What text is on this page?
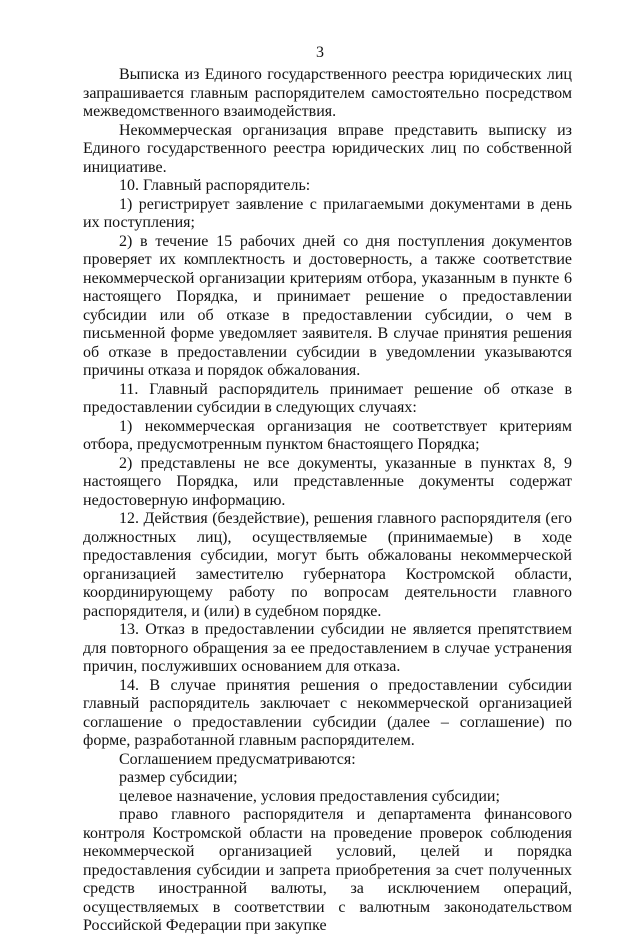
3

Выписка из Единого государственного реестра юридических лиц запрашивается главным распорядителем самостоятельно посредством межведомственного взаимодействия.

Некоммерческая организация вправе представить выписку из Единого государственного реестра юридических лиц по собственной инициативе.

10. Главный распорядитель:

1) регистрирует заявление с прилагаемыми документами в день их поступления;

2) в течение 15 рабочих дней со дня поступления документов проверяет их комплектность и достоверность, а также соответствие некоммерческой организации критериям отбора, указанным в пункте 6 настоящего Порядка, и принимает решение о предоставлении субсидии или об отказе в предоставлении субсидии, о чем в письменной форме уведомляет заявителя. В случае принятия решения об отказе в предоставлении субсидии в уведомлении указываются причины отказа и порядок обжалования.

11. Главный распорядитель принимает решение об отказе в предоставлении субсидии в следующих случаях:

1) некоммерческая организация не соответствует критериям отбора, предусмотренным пунктом 6настоящего Порядка;

2) представлены не все документы, указанные в пунктах 8, 9 настоящего Порядка, или представленные документы содержат недостоверную информацию.

12. Действия (бездействие), решения главного распорядителя (его должностных лиц), осуществляемые (принимаемые) в ходе предоставления субсидии, могут быть обжалованы некоммерческой организацией заместителю губернатора Костромской области, координирующему работу по вопросам деятельности главного распорядителя, и (или) в судебном порядке.

13. Отказ в предоставлении субсидии не является препятствием для повторного обращения за ее предоставлением в случае устранения причин, послуживших основанием для отказа.

14. В случае принятия решения о предоставлении субсидии главный распорядитель заключает с некоммерческой организацией соглашение о предоставлении субсидии (далее – соглашение) по форме, разработанной главным распорядителем.

Соглашением предусматриваются:

размер субсидии;

целевое назначение, условия предоставления субсидии;

право главного распорядителя и департамента финансового контроля Костромской области на проведение проверок соблюдения некоммерческой организацией условий, целей и порядка предоставления субсидии и запрета приобретения за счет полученных средств иностранной валюты, за исключением операций, осуществляемых в соответствии с валютным законодательством Российской Федерации при закупке
